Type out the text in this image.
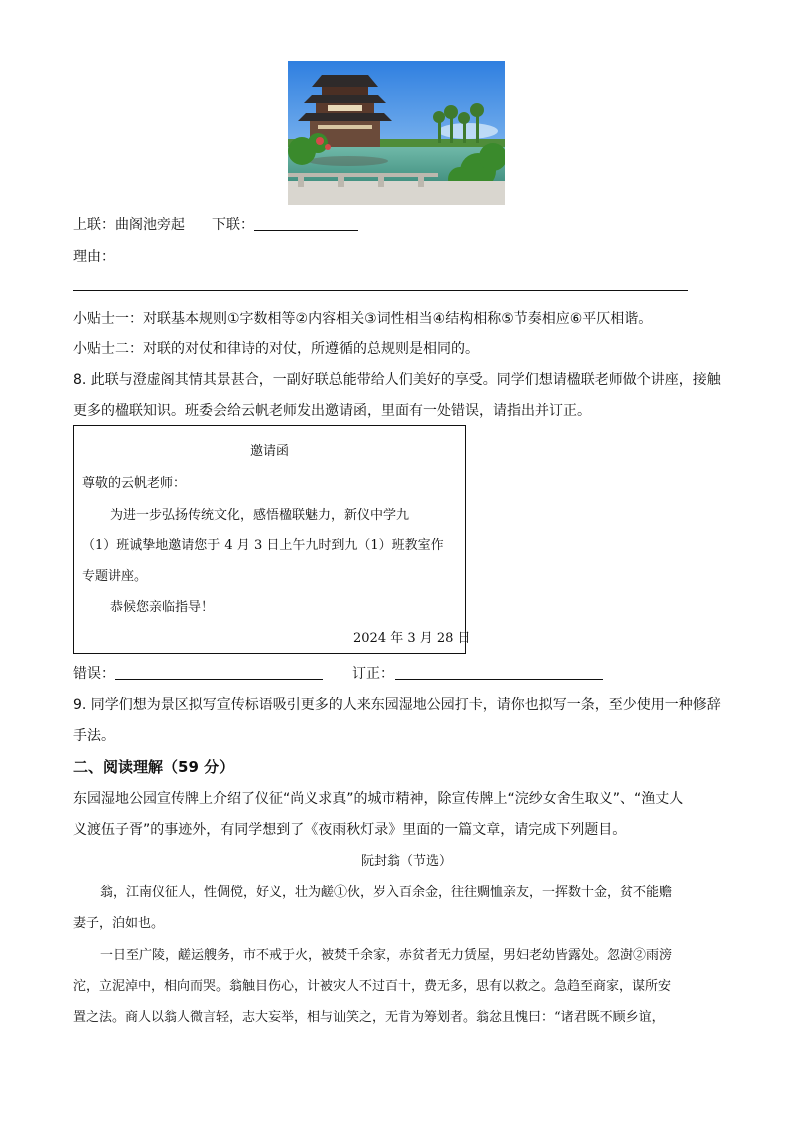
上联：曲阁池旁起 下联：
理由：
小贴士一：对联基本规则①字数相等②内容相关③词性相当④结构相称⑤节奏相应⑥平仄相谐。
小贴士二：对联的对仗和律诗的对仗，所遵循的总规则是相同的。
8. 此联与澄虚阁其情其景甚合，一副好联总能带给人们美好的享受。同学们想请楹联老师做个讲座，接触
更多的楹联知识。班委会给云帆老师发出邀请函，里面有一处错误，请指出并订正。
邀请函
尊敬的云帆老师：
为进一步弘扬传统文化，感悟楹联魅力，新仪中学九
（1）班诚挚地邀请您于 4 月 3 日上午九时到九（1）班教室作
专题讲座。
恭候您亲临指导！
2024 年 3 月 28 日
错误：	订正：
9. 同学们想为景区拟写宣传标语吸引更多的人来东园湿地公园打卡，请你也拟写一条，至少使用一种修辞
手法。
二、阅读理解（59 分）
东园湿地公园宣传牌上介绍了仪征“尚义求真”的城市精神，除宣传牌上“浣纱女舍生取义”、“渔丈人
义渡伍子胥”的事迹外，有同学想到了《夜雨秋灯录》里面的一篇文章，请完成下列题目。
阮封翁（节选）
翁，江南仪征人，性倜傥，好义，壮为鹾①伙，岁入百余金，往往赒恤亲友，一挥数十金，贫不能赡
妻子，泊如也。
一日至广陵，鹾运艘务，市不戒于火，被焚千余家，赤贫者无力赁屋，男妇老幼皆露处。忽澍②雨滂
沱，立泥淖中，相向而哭。翁触目伤心，计被灾人不过百十，费无多，思有以救之。急趋至商家，谋所安
置之法。商人以翁人微言轻，志大妄举，相与讪笑之，无肯为筹划者。翁忿且愧曰：“诸君既不顾乡谊，
